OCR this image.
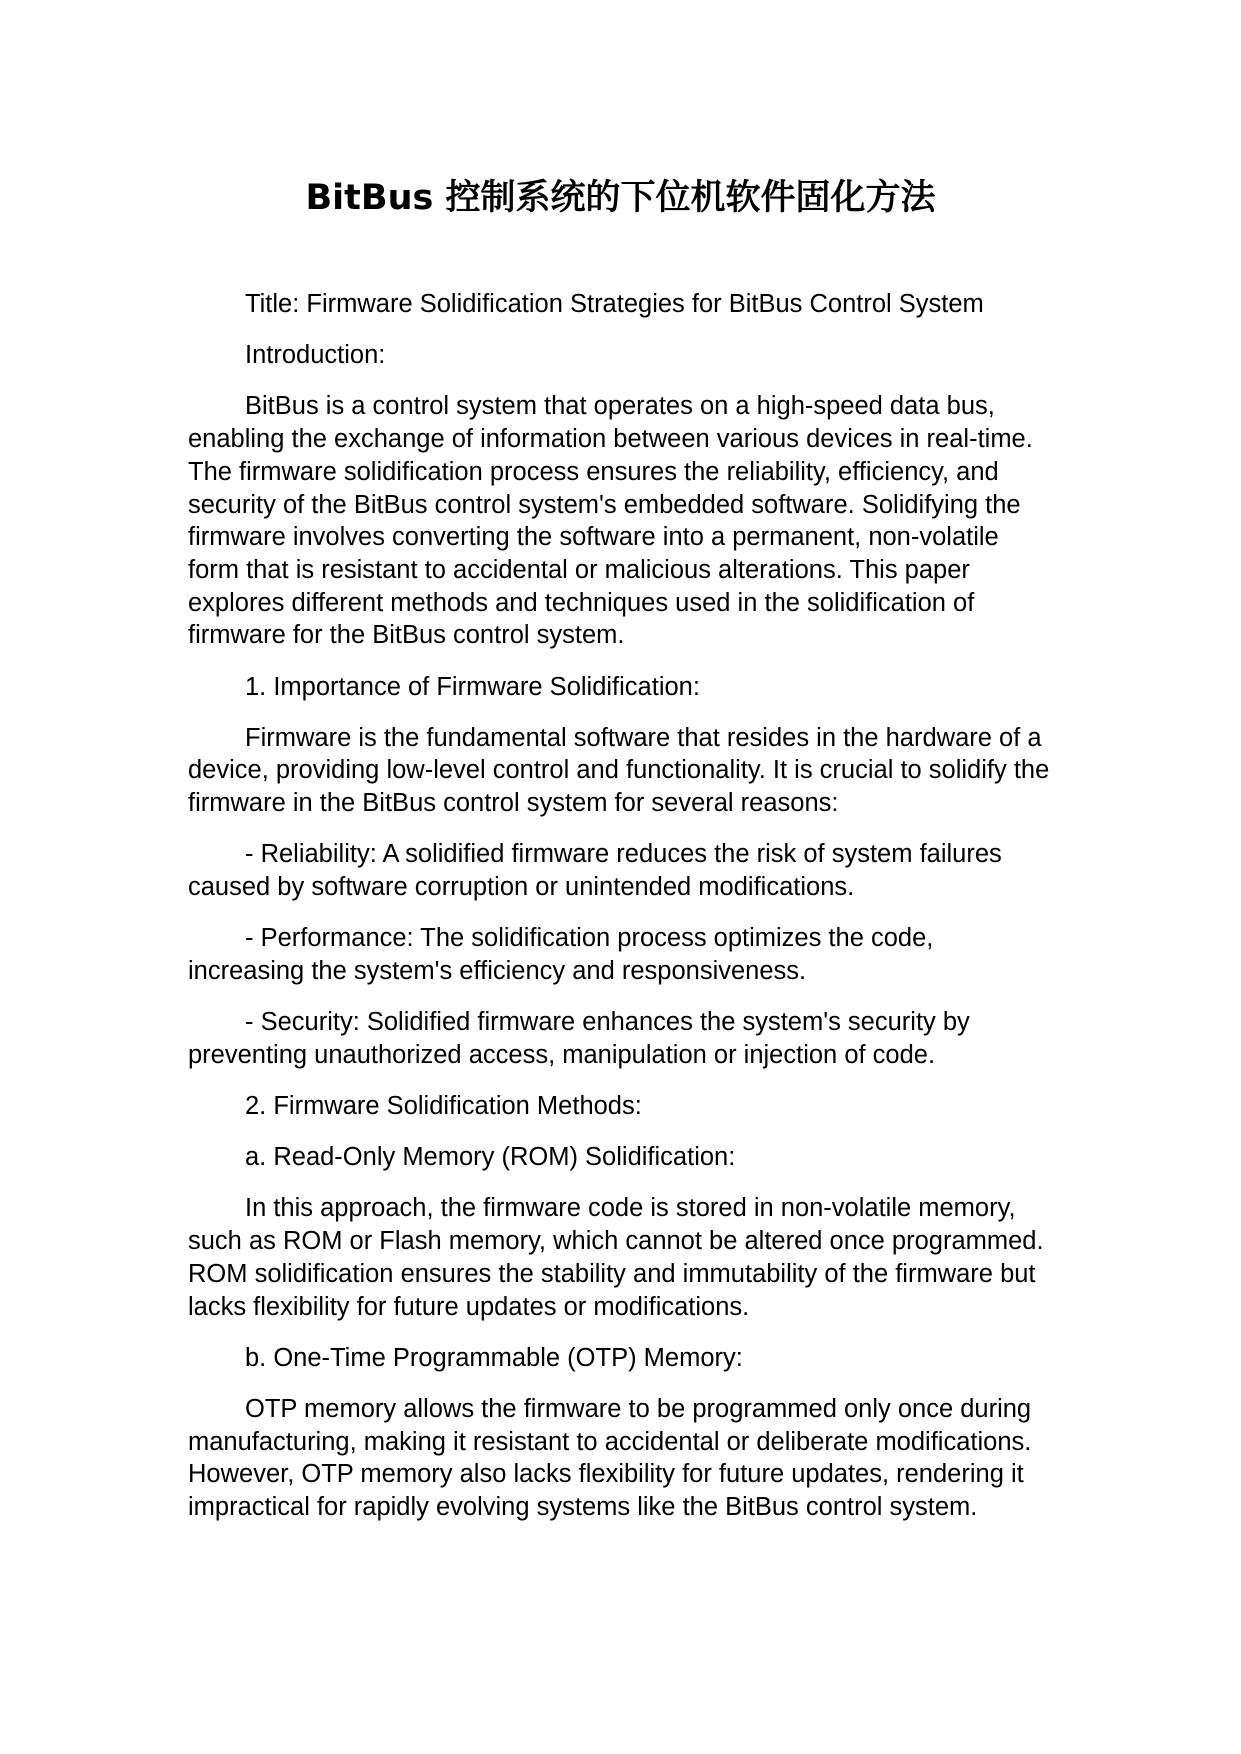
BitBus 控制系统的下位机软件固化方法

Title: Firmware Solidification Strategies for BitBus Control System

Introduction:

BitBus is a control system that operates on a high-speed data bus, enabling the exchange of information between various devices in real-time. The firmware solidification process ensures the reliability, efficiency, and security of the BitBus control system's embedded software. Solidifying the firmware involves converting the software into a permanent, non-volatile form that is resistant to accidental or malicious alterations. This paper explores different methods and techniques used in the solidification of firmware for the BitBus control system.

1. Importance of Firmware Solidification:

Firmware is the fundamental software that resides in the hardware of a device, providing low-level control and functionality. It is crucial to solidify the firmware in the BitBus control system for several reasons:

- Reliability: A solidified firmware reduces the risk of system failures caused by software corruption or unintended modifications.

- Performance: The solidification process optimizes the code, increasing the system's efficiency and responsiveness.

- Security: Solidified firmware enhances the system's security by preventing unauthorized access, manipulation or injection of code.

2. Firmware Solidification Methods:

a. Read-Only Memory (ROM) Solidification:

In this approach, the firmware code is stored in non-volatile memory, such as ROM or Flash memory, which cannot be altered once programmed. ROM solidification ensures the stability and immutability of the firmware but lacks flexibility for future updates or modifications.

b. One-Time Programmable (OTP) Memory:

OTP memory allows the firmware to be programmed only once during manufacturing, making it resistant to accidental or deliberate modifications. However, OTP memory also lacks flexibility for future updates, rendering it impractical for rapidly evolving systems like the BitBus control system.
